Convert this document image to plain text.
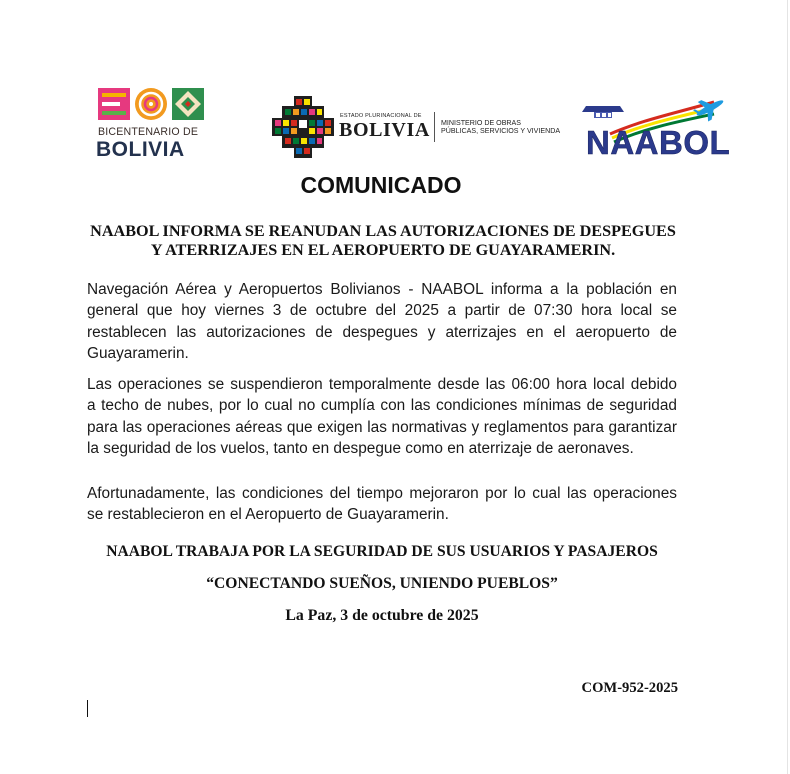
BICENTENARIO DE
BOLIVIA
ESTADO PLURINACIONAL DE
BOLIVIA MINISTERIO DE OBRAS
PÚBLICAS, SERVICIOS Y VIVIENDA NAABOL
COMUNICADO
NAABOL INFORMA SE REANUDAN LAS AUTORIZACIONES DE DESPEGUES
Y ATERRIZAJES EN EL AEROPUERTO DE GUAYARAMERIN.
Navegación Aérea y Aeropuertos Bolivianos - NAABOL informa a la población en
general que hoy viernes 3 de octubre del 2025 a partir de 07:30 hora local se
restablecen las autorizaciones de despegues y aterrizajes en el aeropuerto de
Guayaramerin.
Las operaciones se suspendieron temporalmente desde las 06:00 hora local debido
a techo de nubes, por lo cual no cumplía con las condiciones mínimas de seguridad
para las operaciones aéreas que exigen las normativas y reglamentos para garantizar
la seguridad de los vuelos, tanto en despegue como en aterrizaje de aeronaves.
Afortunadamente, las condiciones del tiempo mejoraron por lo cual las operaciones
se restablecieron en el Aeropuerto de Guayaramerin.
NAABOL TRABAJA POR LA SEGURIDAD DE SUS USUARIOS Y PASAJEROS
“CONECTANDO SUEÑOS, UNIENDO PUEBLOS”
La Paz, 3 de octubre de 2025
COM-952-2025
